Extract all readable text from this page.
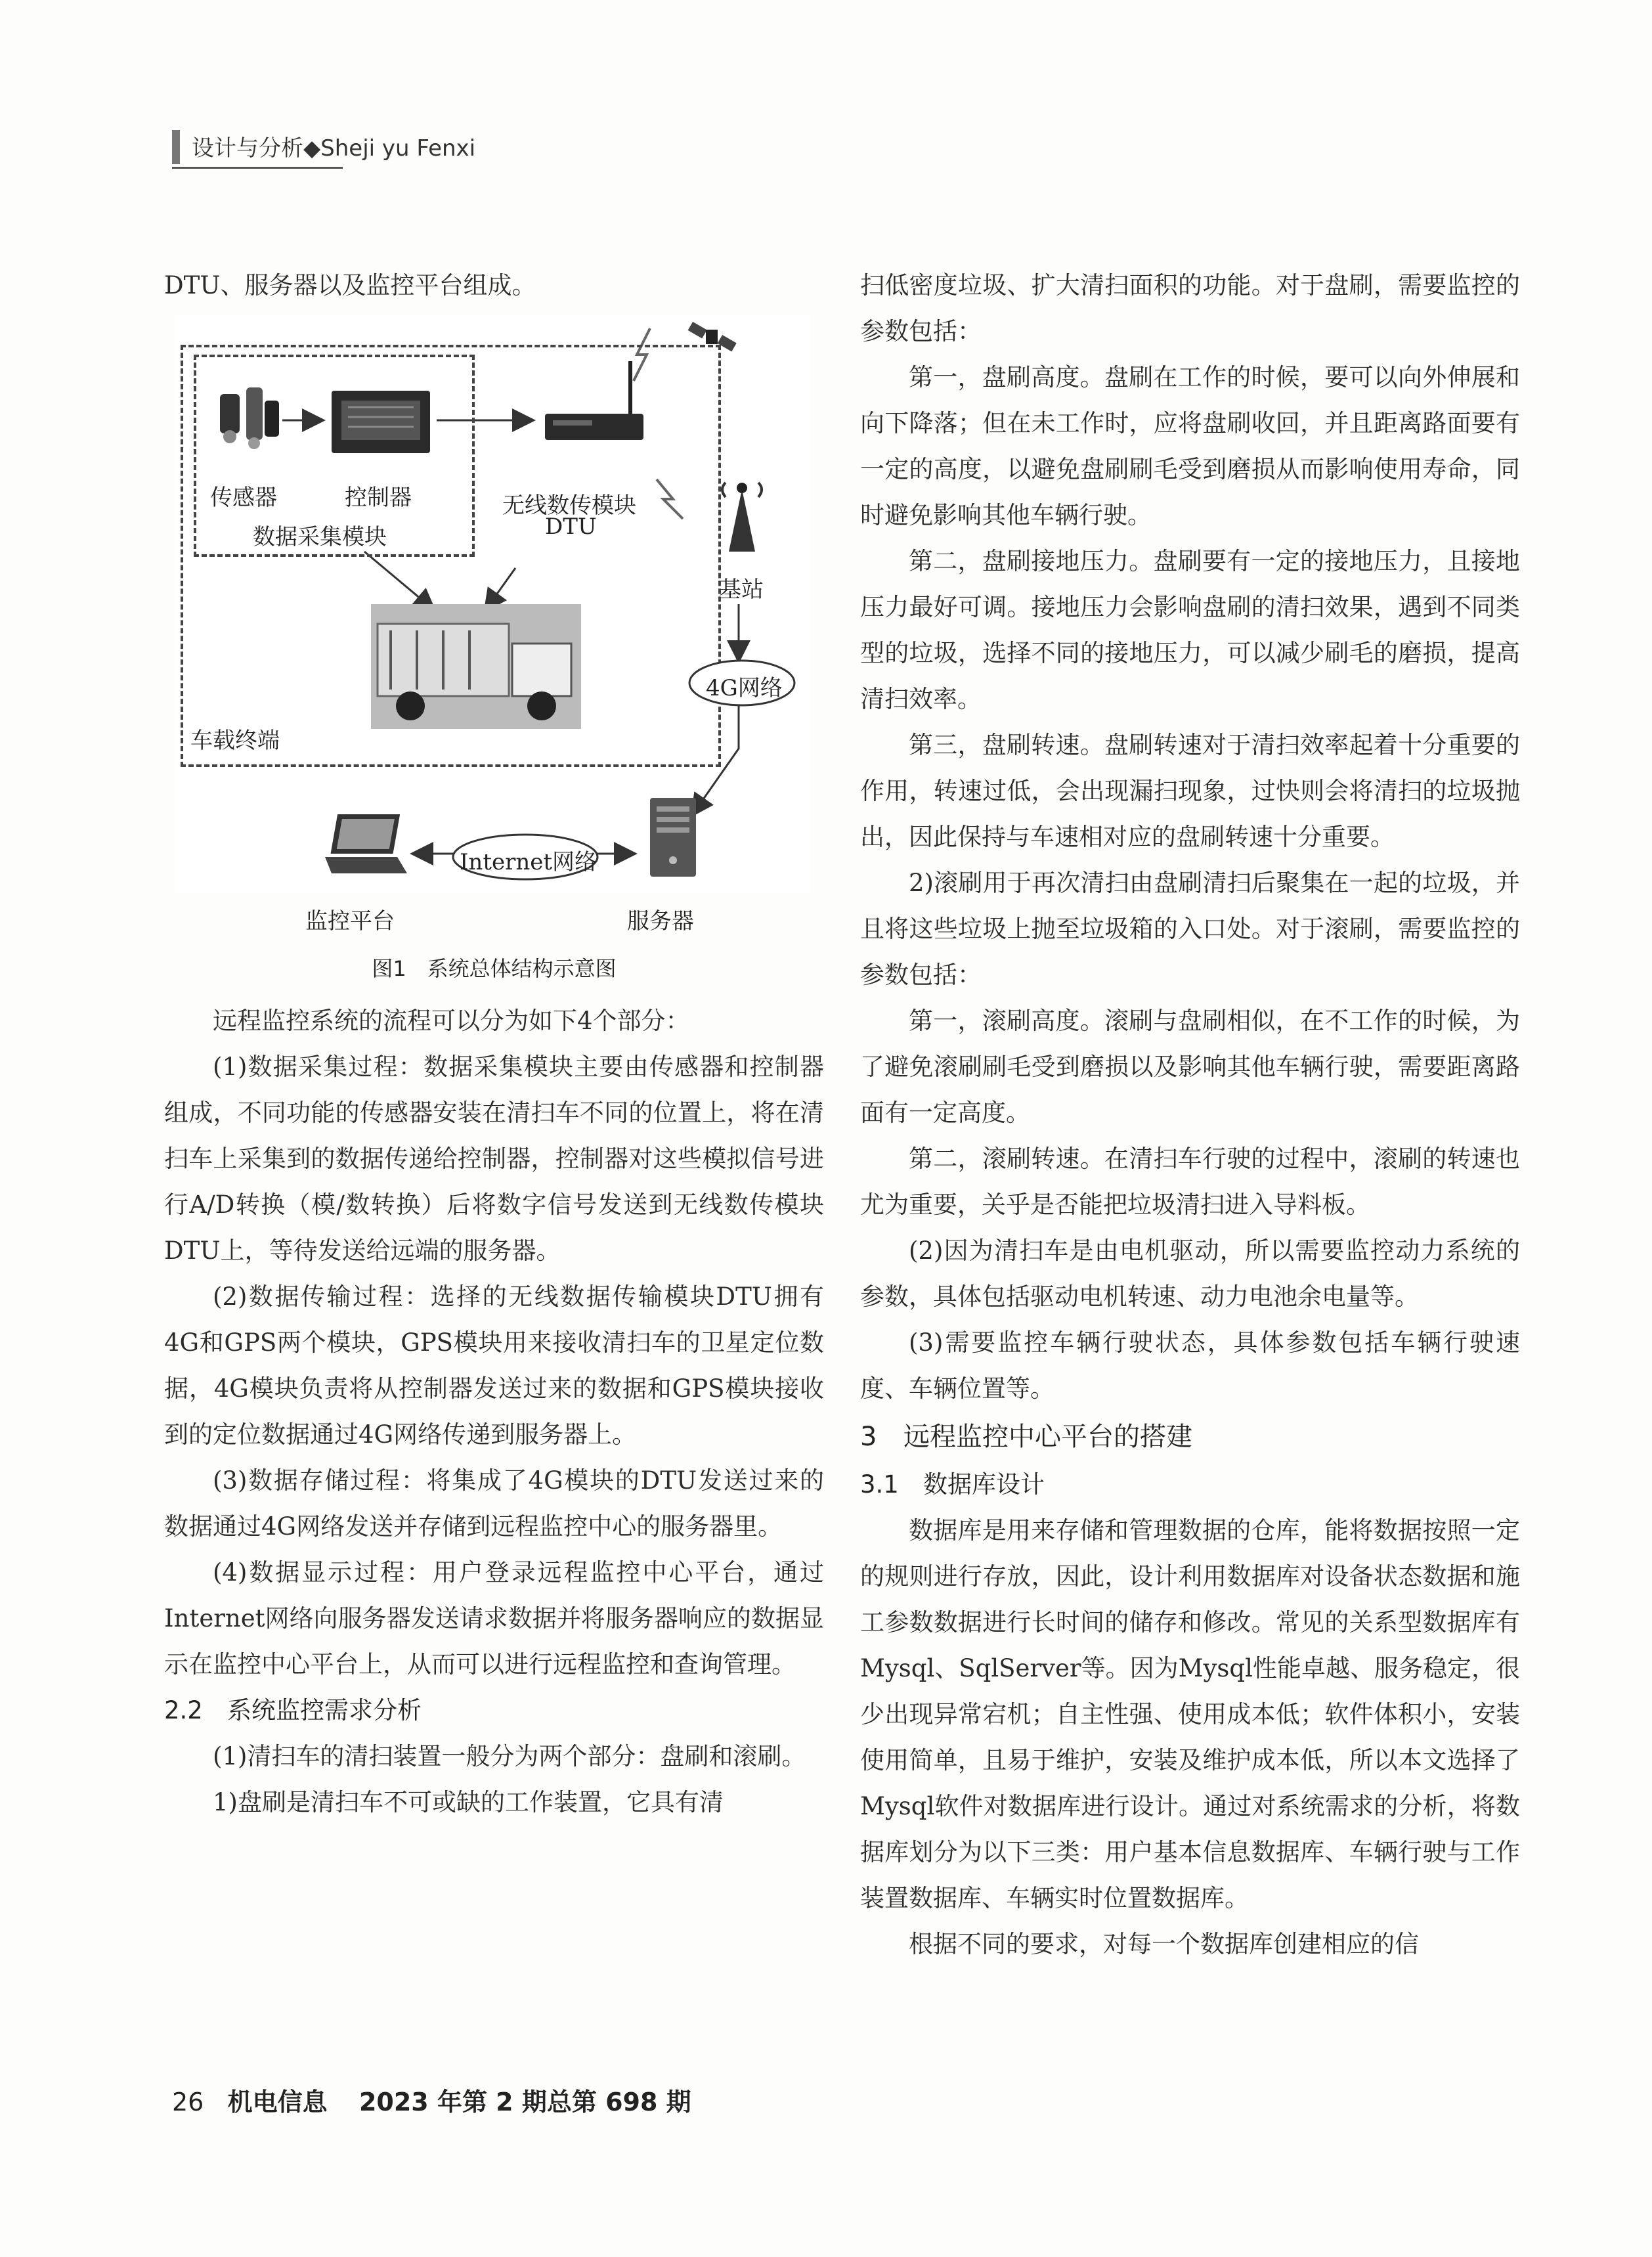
设计与分析◆Sheji yu Fenxi

DTU、服务器以及监控平台组成。

传感器	控制器
数据采集模块
无线数传模块
DTU
基站
4G网络
车载终端
监控平台
Internet网络
服务器
图1　系统总体结构示意图

远程监控系统的流程可以分为如下4个部分：

(1)数据采集过程：数据采集模块主要由传感器和控制器组成，不同功能的传感器安装在清扫车不同的位置上，将在清扫车上采集到的数据传递给控制器，控制器对这些模拟信号进行A/D转换（模/数转换）后将数字信号发送到无线数传模块DTU上，等待发送给远端的服务器。

(2)数据传输过程：选择的无线数据传输模块DTU拥有4G和GPS两个模块，GPS模块用来接收清扫车的卫星定位数据，4G模块负责将从控制器发送过来的数据和GPS模块接收到的定位数据通过4G网络传递到服务器上。

(3)数据存储过程：将集成了4G模块的DTU发送过来的数据通过4G网络发送并存储到远程监控中心的服务器里。

(4)数据显示过程：用户登录远程监控中心平台，通过Internet网络向服务器发送请求数据并将服务器响应的数据显示在监控中心平台上，从而可以进行远程监控和查询管理。

2.2 系统监控需求分析

(1)清扫车的清扫装置一般分为两个部分：盘刷和滚刷。

1)盘刷是清扫车不可或缺的工作装置，它具有清

扫低密度垃圾、扩大清扫面积的功能。对于盘刷，需要监控的参数包括：

第一，盘刷高度。盘刷在工作的时候，要可以向外伸展和向下降落；但在未工作时，应将盘刷收回，并且距离路面要有一定的高度，以避免盘刷刷毛受到磨损从而影响使用寿命，同时避免影响其他车辆行驶。

第二，盘刷接地压力。盘刷要有一定的接地压力，且接地压力最好可调。接地压力会影响盘刷的清扫效果，遇到不同类型的垃圾，选择不同的接地压力，可以减少刷毛的磨损，提高清扫效率。

第三，盘刷转速。盘刷转速对于清扫效率起着十分重要的作用，转速过低，会出现漏扫现象，过快则会将清扫的垃圾抛出，因此保持与车速相对应的盘刷转速十分重要。

2)滚刷用于再次清扫由盘刷清扫后聚集在一起的垃圾，并且将这些垃圾上抛至垃圾箱的入口处。对于滚刷，需要监控的参数包括：

第一，滚刷高度。滚刷与盘刷相似，在不工作的时候，为了避免滚刷刷毛受到磨损以及影响其他车辆行驶，需要距离路面有一定高度。

第二，滚刷转速。在清扫车行驶的过程中，滚刷的转速也尤为重要，关乎是否能把垃圾清扫进入导料板。

(2)因为清扫车是由电机驱动，所以需要监控动力系统的参数，具体包括驱动电机转速、动力电池余电量等。

(3)需要监控车辆行驶状态，具体参数包括车辆行驶速度、车辆位置等。

3 远程监控中心平台的搭建
3.1 数据库设计

数据库是用来存储和管理数据的仓库，能将数据按照一定的规则进行存放，因此，设计利用数据库对设备状态数据和施工参数数据进行长时间的储存和修改。常见的关系型数据库有Mysql、SqlServer等。因为Mysql性能卓越、服务稳定，很少出现异常宕机；自主性强、使用成本低；软件体积小，安装使用简单，且易于维护，安装及维护成本低，所以本文选择了Mysql软件对数据库进行设计。通过对系统需求的分析，将数据库划分为以下三类：用户基本信息数据库、车辆行驶与工作装置数据库、车辆实时位置数据库。

根据不同的要求，对每一个数据库创建相应的信

26 机电信息 2023 年第 2 期总第 698 期
